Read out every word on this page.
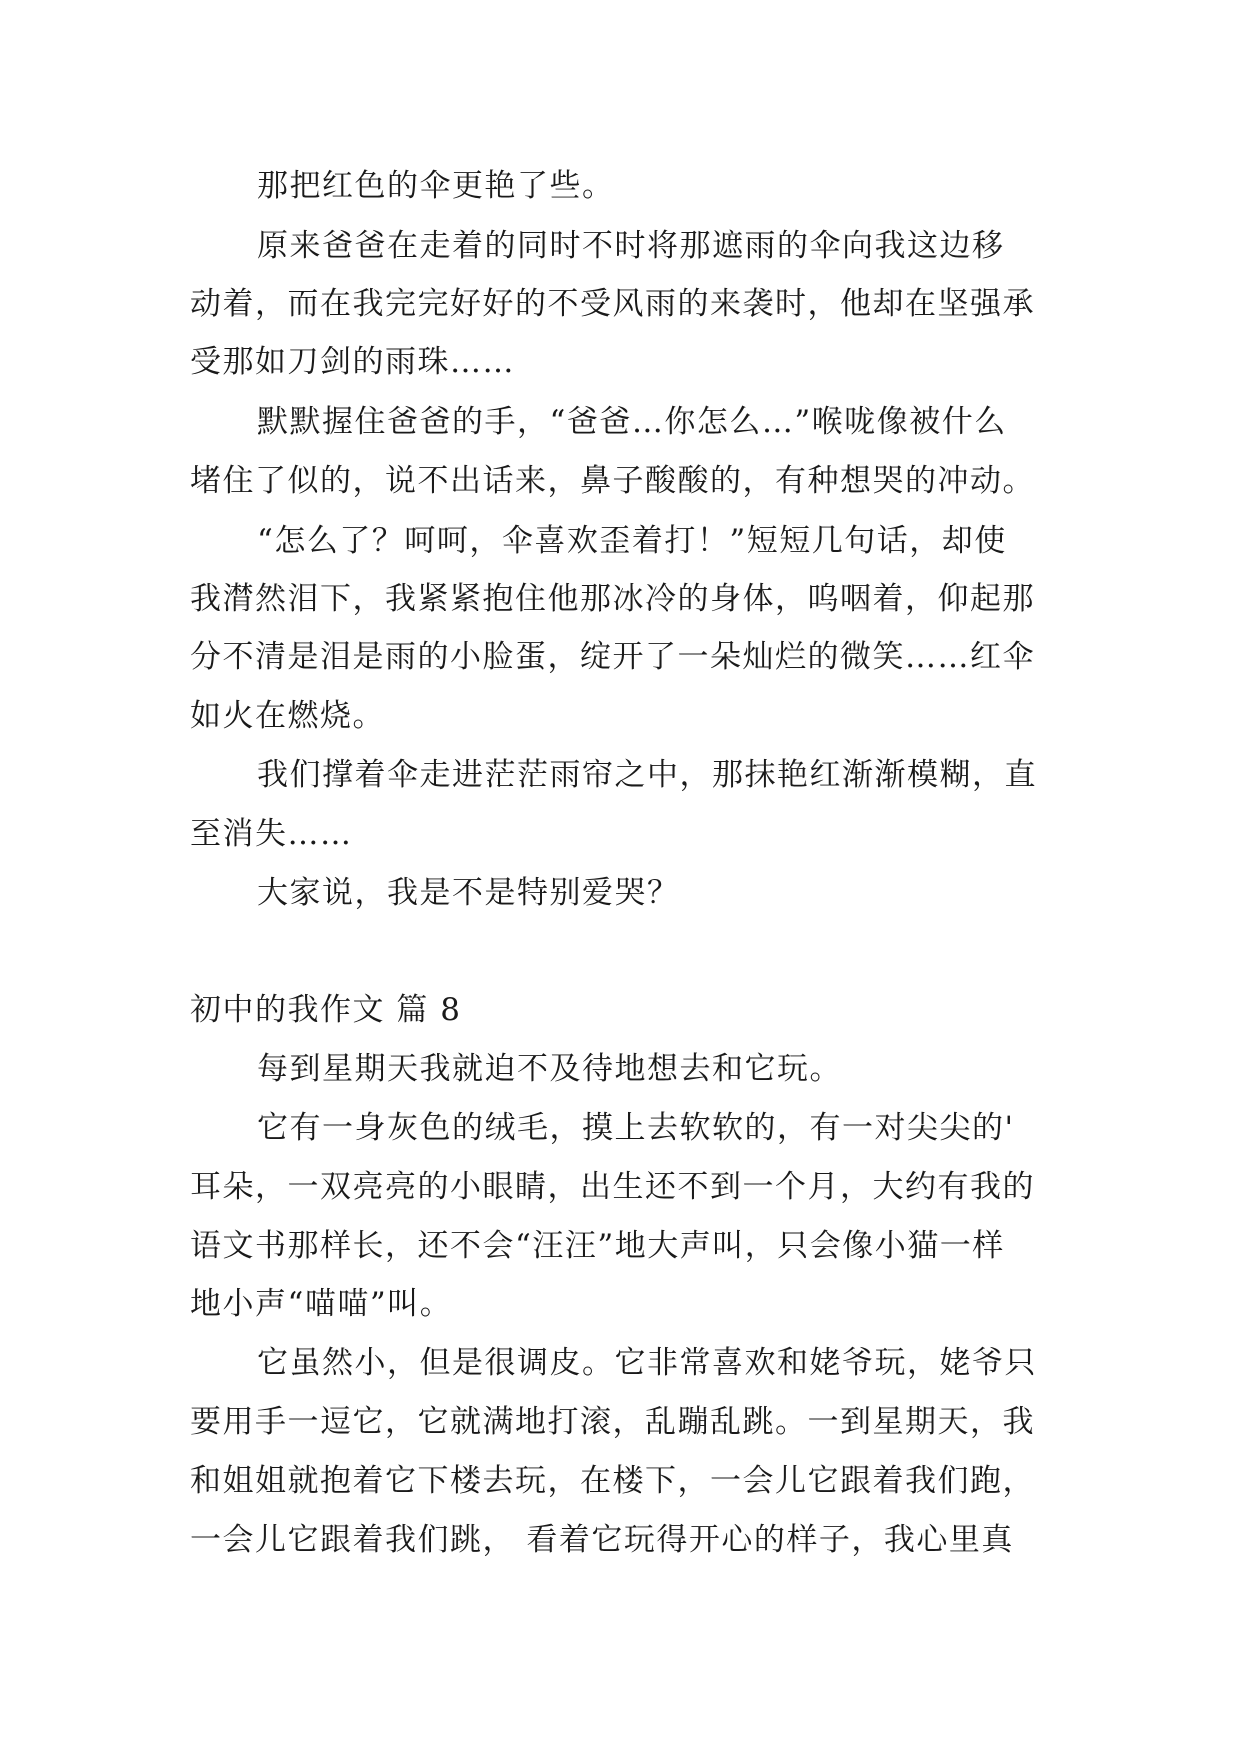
那把红色的伞更艳了些。
原来爸爸在走着的同时不时将那遮雨的伞向我这边移
动着，而在我完完好好的不受风雨的来袭时，他却在坚强承
受那如刀剑的雨珠……
默默握住爸爸的手，“爸爸…你怎么…”喉咙像被什么
堵住了似的，说不出话来，鼻子酸酸的，有种想哭的冲动。
“怎么了？呵呵，伞喜欢歪着打！”短短几句话，却使
我潸然泪下，我紧紧抱住他那冰冷的身体，呜咽着，仰起那
分不清是泪是雨的小脸蛋，绽开了一朵灿烂的微笑……红伞
如火在燃烧。
我们撑着伞走进茫茫雨帘之中，那抹艳红渐渐模糊，直
至消失……
大家说，我是不是特别爱哭？
初中的我作文 篇 8
每到星期天我就迫不及待地想去和它玩。
它有一身灰色的绒毛，摸上去软软的，有一对尖尖的'
耳朵，一双亮亮的小眼睛，出生还不到一个月，大约有我的
语文书那样长，还不会“汪汪”地大声叫，只会像小猫一样
地小声“喵喵”叫。
它虽然小，但是很调皮。它非常喜欢和姥爷玩，姥爷只
要用手一逗它，它就满地打滚，乱蹦乱跳。一到星期天，我
和姐姐就抱着它下楼去玩，在楼下，一会儿它跟着我们跑，
一会儿它跟着我们跳， 看着它玩得开心的样子，我心里真
